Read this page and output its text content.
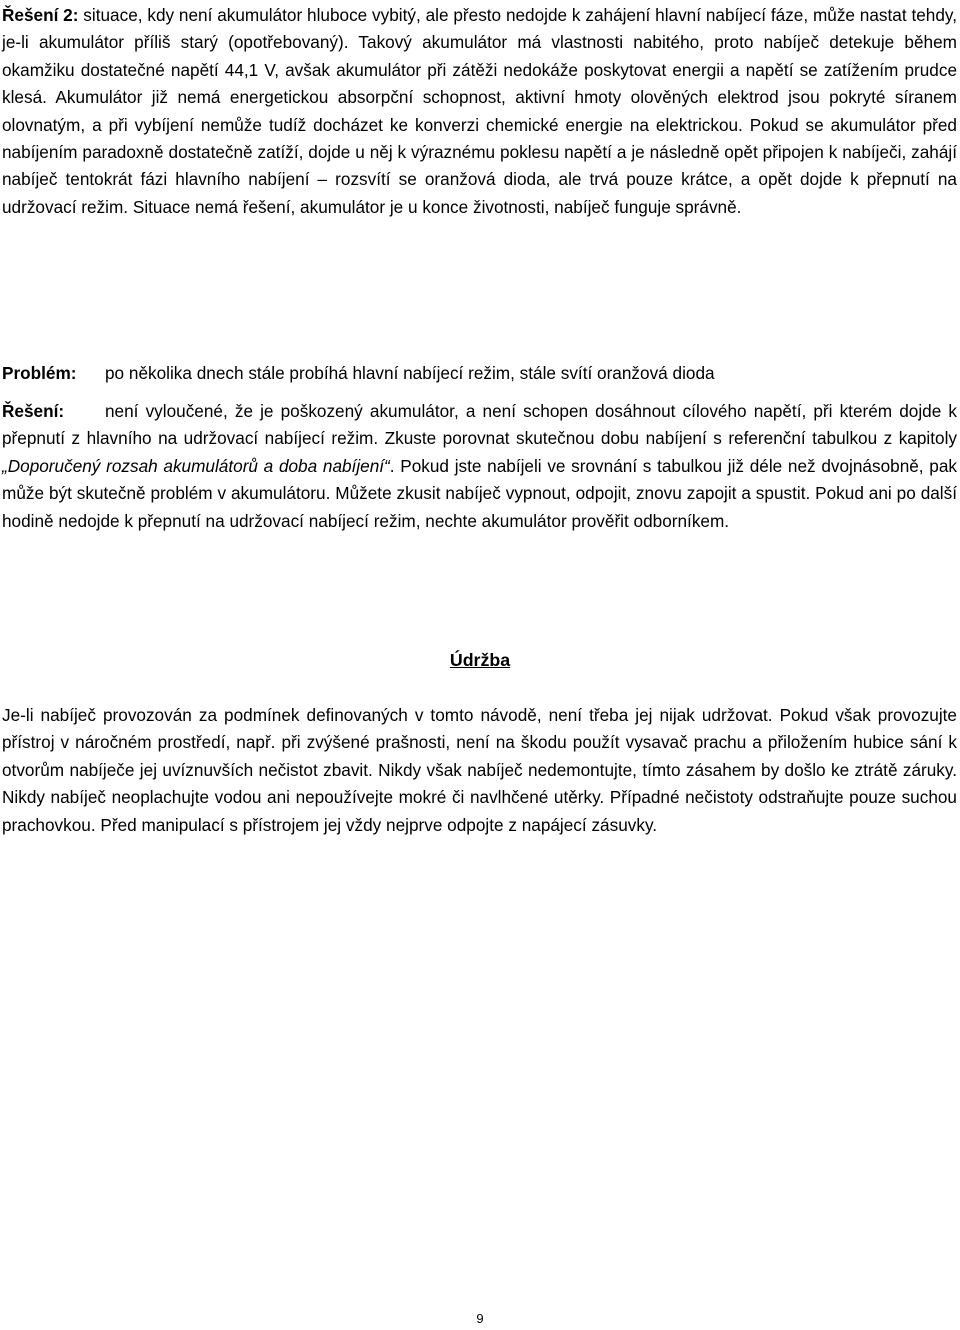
Řešení 2: situace, kdy není akumulátor hluboce vybitý, ale přesto nedojde k zahájení hlavní nabíjecí fáze, může nastat tehdy, je-li akumulátor příliš starý (opotřebovaný). Takový akumulátor má vlastnosti nabitého, proto nabíječ detekuje během okamžiku dostatečné napětí 44,1 V, avšak akumulátor při zátěži nedokáže poskytovat energii a napětí se zatížením prudce klesá. Akumulátor již nemá energetickou absorpční schopnost, aktivní hmoty olověných elektrod jsou pokryté síranem olovnatým, a při vybíjení nemůže tudíž docházet ke konverzi chemické energie na elektrickou. Pokud se akumulátor před nabíjením paradoxně dostatečně zatíží, dojde u něj k výraznému poklesu napětí a je následně opět připojen k nabíječi, zahájí nabíječ tentokrát fázi hlavního nabíjení – rozsvítí se oranžová dioda, ale trvá pouze krátce, a opět dojde k přepnutí na udržovací režim. Situace nemá řešení, akumulátor je u konce životnosti, nabíječ funguje správně.

Problém: po několika dnech stále probíhá hlavní nabíjecí režim, stále svítí oranžová dioda

Řešení: není vyloučené, že je poškozený akumulátor, a není schopen dosáhnout cílového napětí, při kterém dojde k přepnutí z hlavního na udržovací nabíjecí režim. Zkuste porovnat skutečnou dobu nabíjení s referenční tabulkou z kapitoly „Doporučený rozsah akumulátorů a doba nabíjení“. Pokud jste nabíjeli ve srovnání s tabulkou již déle než dvojnásobně, pak může být skutečně problém v akumulátoru. Můžete zkusit nabíječ vypnout, odpojit, znovu zapojit a spustit. Pokud ani po další hodině nedojde k přepnutí na udržovací nabíjecí režim, nechte akumulátor prověřit odborníkem.

Údržba

Je-li nabíječ provozován za podmínek definovaných v tomto návodě, není třeba jej nijak udržovat. Pokud však provozujte přístroj v náročném prostředí, např. při zvýšené prašnosti, není na škodu použít vysavač prachu a přiložením hubice sání k otvorům nabíječe jej uvíznuvších nečistot zbavit. Nikdy však nabíječ nedemontujte, tímto zásahem by došlo ke ztrátě záruky. Nikdy nabíječ neoplachujte vodou ani nepoužívejte mokré či navlhčené utěrky. Případné nečistoty odstraňujte pouze suchou prachovkou. Před manipulací s přístrojem jej vždy nejprve odpojte z napájecí zásuvky.

9
